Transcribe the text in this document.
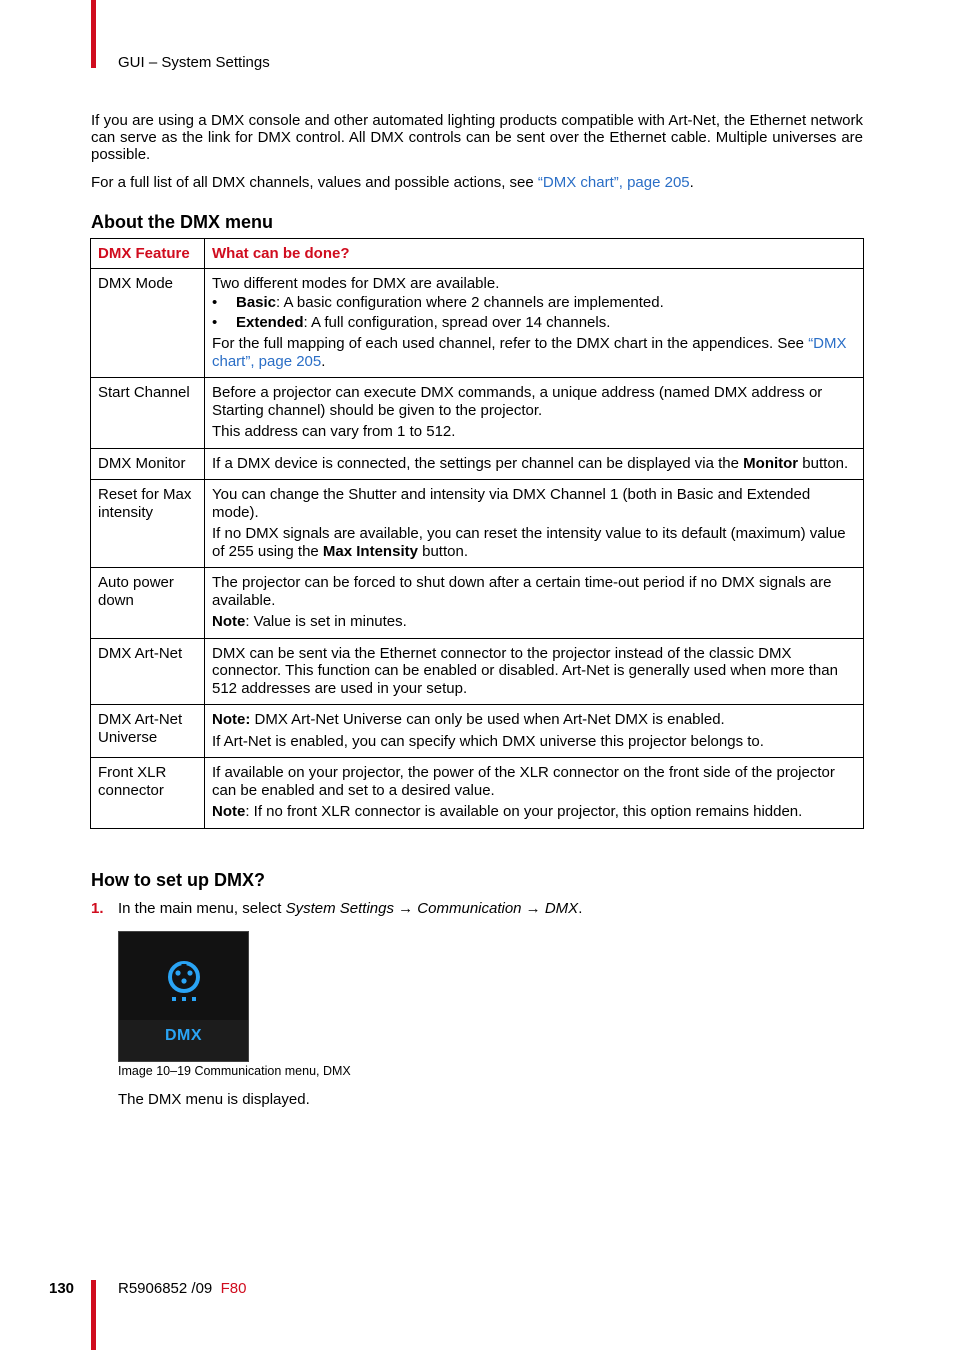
GUI – System Settings
If you are using a DMX console and other automated lighting products compatible with Art-Net, the Ethernet network can serve as the link for DMX control. All DMX controls can be sent over the Ethernet cable. Multiple universes are possible.
For a full list of all DMX channels, values and possible actions, see “DMX chart”, page 205.
About the DMX menu
DMX Feature	What can be done?
DMX Mode	Two different modes for DMX are available.

• Basic: A basic configuration where 2 channels are implemented.

• Extended: A full configuration, spread over 14 channels.

For the full mapping of each used channel, refer to the DMX chart in the appendices. See “DMX chart”, page 205.

Start Channel	Before a projector can execute DMX commands, a unique address (named DMX address or Starting channel) should be given to the projector.

This address can vary from 1 to 512.

DMX Monitor	If a DMX device is connected, the settings per channel can be displayed via the Monitor button.

Reset for Max intensity	You can change the Shutter and intensity via DMX Channel 1 (both in Basic and Extended mode).

If no DMX signals are available, you can reset the intensity value to its default (maximum) value of 255 using the Max Intensity button.

Auto power down	The projector can be forced to shut down after a certain time-out period if no DMX signals are available.

Note: Value is set in minutes.

DMX Art-Net	DMX can be sent via the Ethernet connector to the projector instead of the classic DMX connector. This function can be enabled or disabled. Art-Net is generally used when more than 512 addresses are used in your setup.

DMX Art-Net Universe	Note: DMX Art-Net Universe can only be used when Art-Net DMX is enabled.

If Art-Net is enabled, you can specify which DMX universe this projector belongs to.

Front XLR connector	If available on your projector, the power of the XLR connector on the front side of the projector can be enabled and set to a desired value.

Note: If no front XLR connector is available on your projector, this option remains hidden.

How to set up DMX?
1. In the main menu, select System Settings → Communication → DMX.
DMX
Image 10–19 Communication menu, DMX
The DMX menu is displayed.
130	R5906852 /09 F80
